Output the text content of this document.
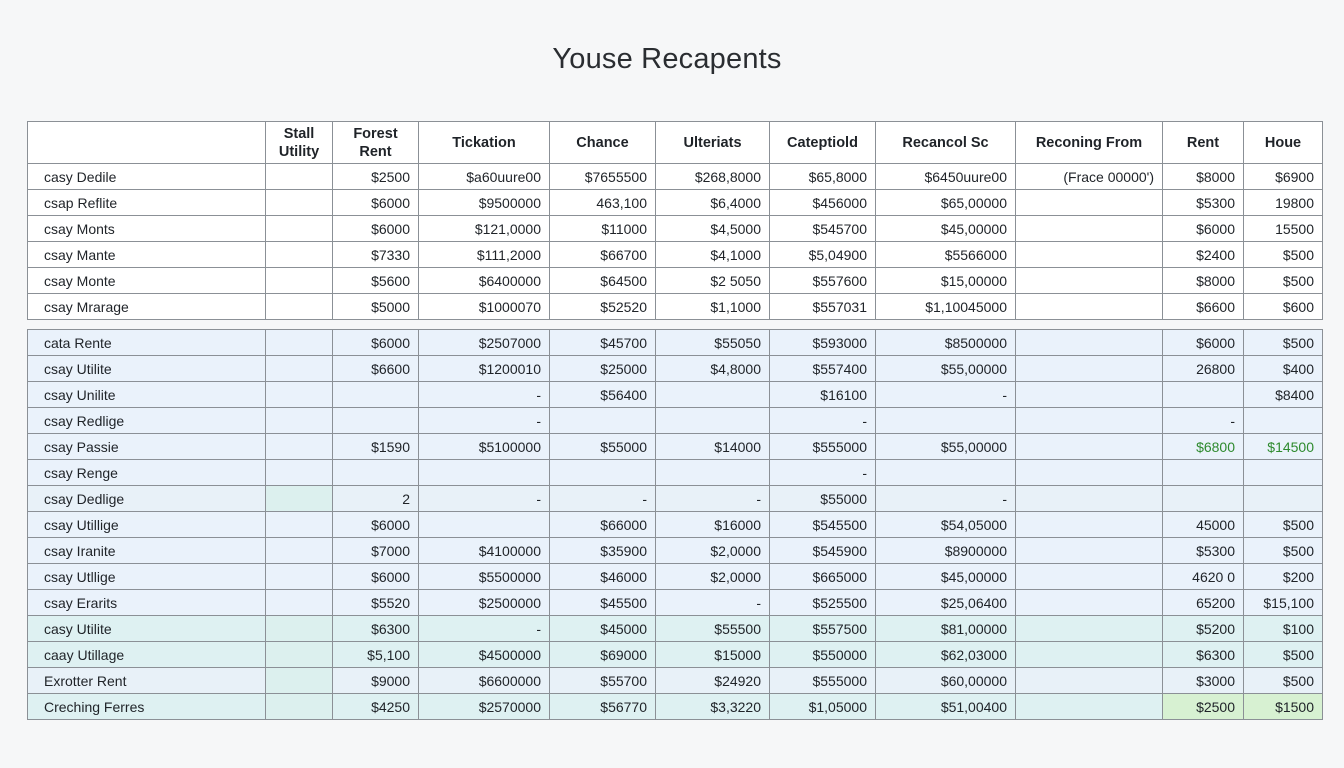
Youse Recapents
	Stall
Utility	Forest
Rent	Tickation	Chance	Ulteriats	Cateptiold	Recancol Sc	Reconing From	Rent	Houe
casy Dedile		$2500	$a60uure00	$7655500	$268,8000	$65,8000	$6450uure00	(Frace 00000')	$8000	$6900
csap Reflite		$6000	$9500000	463,100	$6,4000	$456000	$65,00000		$5300	19800
csay Monts		$6000	$121,0000	$11000	$4,5000	$545700	$45,00000		$6000	15500
csay Mante		$7330	$111,2000	$66700	$4,1000	$5,04900	$5566000		$2400	$500
csay Monte		$5600	$6400000	$64500	$2 5050	$557600	$15,00000		$8000	$500
csay Mrarage		$5000	$1000070	$52520	$1,1000	$557031	$1,10045000		$6600	$600

cata Rente		$6000	$2507000	$45700	$55050	$593000	$8500000		$6000	$500
csay Utilite		$6600	$1200010	$25000	$4,8000	$557400	$55,00000		26800	$400
csay Unilite			-	$56400		$16100	-			$8400
csay Redlige			-			-			-	
csay Passie		$1590	$5100000	$55000	$14000	$555000	$55,00000		$6800	$14500
csay Renge						-				
csay Dedlige		2	-	-	-	$55000	-			
csay Utillige		$6000		$66000	$16000	$545500	$54,05000		45000	$500
csay Iranite		$7000	$4100000	$35900	$2,0000	$545900	$8900000		$5300	$500
csay Utllige		$6000	$5500000	$46000	$2,0000	$665000	$45,00000		4620 0	$200
csay Erarits		$5520	$2500000	$45500	-	$525500	$25,06400		65200	$15,100
casy Utilite		$6300	-	$45000	$55500	$557500	$81,00000		$5200	$100
caay Utillage		$5,100	$4500000	$69000	$15000	$550000	$62,03000		$6300	$500
Exrotter Rent		$9000	$6600000	$55700	$24920	$555000	$60,00000		$3000	$500
Creching Ferres		$4250	$2570000	$56770	$3,3220	$1,05000	$51,00400		$2500	$1500
